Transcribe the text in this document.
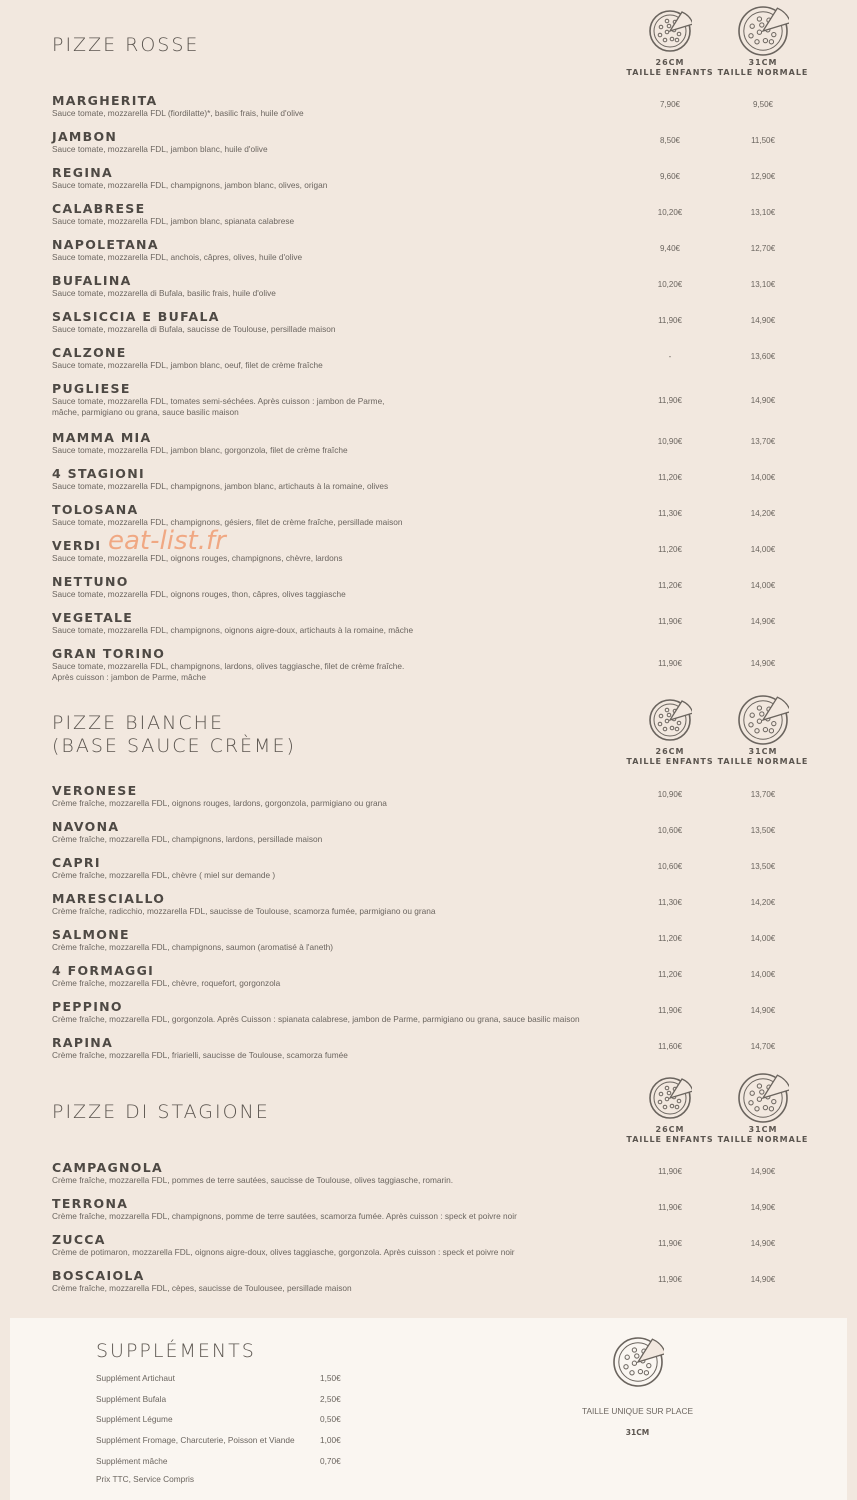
PIZZE ROSSE
26CM
TAILLE ENFANTS
31CM
TAILLE NORMALE
MARGHERITA
Sauce tomate, mozzarella FDL (fiordilatte)*, basilic frais, huile d'olive
7,90€	9,50€
JAMBON
Sauce tomate, mozzarella FDL, jambon blanc, huile d'olive
8,50€	11,50€
REGINA
Sauce tomate, mozzarella FDL, champignons, jambon blanc, olives, origan
9,60€	12,90€
CALABRESE
Sauce tomate, mozzarella FDL, jambon blanc, spianata calabrese
10,20€	13,10€
NAPOLETANA
Sauce tomate, mozzarella FDL, anchois, câpres, olives, huile d'olive
9,40€	12,70€
BUFALINA
Sauce tomate, mozzarella di Bufala, basilic frais, huile d'olive
10,20€	13,10€
SALSICCIA E BUFALA
Sauce tomate, mozzarella di Bufala, saucisse de Toulouse, persillade maison
11,90€	14,90€
CALZONE
Sauce tomate, mozzarella FDL, jambon blanc, oeuf, filet de crème fraîche
-	13,60€
PUGLIESE
Sauce tomate, mozzarella FDL, tomates semi-séchées. Après cuisson : jambon de Parme,
mâche, parmigiano ou grana, sauce basilic maison
11,90€	14,90€
MAMMA MIA
Sauce tomate, mozzarella FDL, jambon blanc, gorgonzola, filet de crème fraîche
10,90€	13,70€
4 STAGIONI
Sauce tomate, mozzarella FDL, champignons, jambon blanc, artichauts à la romaine, olives
11,20€	14,00€
TOLOSANA
Sauce tomate, mozzarella FDL, champignons, gésiers, filet de crème fraîche, persillade maison
11,30€	14,20€
VERDI
Sauce tomate, mozzarella FDL, oignons rouges, champignons, chèvre, lardons
11,20€	14,00€
NETTUNO
Sauce tomate, mozzarella FDL, oignons rouges, thon, câpres, olives taggiasche
11,20€	14,00€
VEGETALE
Sauce tomate, mozzarella FDL, champignons, oignons aigre-doux, artichauts à la romaine, mâche
11,90€	14,90€
GRAN TORINO
Sauce tomate, mozzarella FDL, champignons, lardons, olives taggiasche, filet de crème fraîche.
Après cuisson : jambon de Parme, mâche
11,90€	14,90€
PIZZE BIANCHE
(BASE SAUCE CRÈME)	26CM
TAILLE ENFANTS
31CM
TAILLE NORMALE
VERONESE
Crème fraîche, mozzarella FDL, oignons rouges, lardons, gorgonzola, parmigiano ou grana
10,90€	13,70€
NAVONA
Crème fraîche, mozzarella FDL, champignons, lardons, persillade maison
10,60€	13,50€
CAPRI
Crème fraîche, mozzarella FDL, chèvre ( miel sur demande )
10,60€	13,50€
MARESCIALLO
Crème fraîche, radicchio, mozzarella FDL, saucisse de Toulouse, scamorza fumée, parmigiano ou grana
11,30€	14,20€
SALMONE
Crème fraîche, mozzarella FDL, champignons, saumon (aromatisé à l'aneth)
11,20€	14,00€
4 FORMAGGI
Crème fraîche, mozzarella FDL, chèvre, roquefort, gorgonzola
11,20€	14,00€
PEPPINO
Crème fraîche, mozzarella FDL, gorgonzola. Après Cuisson : spianata calabrese, jambon de Parme, parmigiano ou grana, sauce basilic maison
11,90€	14,90€
RAPINA
Crème fraîche, mozzarella FDL, friarielli, saucisse de Toulouse, scamorza fumée
11,60€	14,70€
PIZZE DI STAGIONE
26CM
TAILLE ENFANTS
31CM
TAILLE NORMALE
CAMPAGNOLA
Crème fraîche, mozzarella FDL, pommes de terre sautées, saucisse de Toulouse, olives taggiasche, romarin.
11,90€	14,90€
TERRONA
Crème fraîche, mozzarella FDL, champignons, pomme de terre sautées, scamorza fumée. Après cuisson : speck et poivre noir
11,90€	14,90€
ZUCCA
Crème de potimaron, mozzarella FDL, oignons aigre-doux, olives taggiasche, gorgonzola. Après cuisson : speck et poivre noir
11,90€	14,90€
BOSCAIOLA
Crème fraîche, mozzarella FDL, cèpes, saucisse de Toulousee, persillade maison
11,90€	14,90€
SUPPLÉMENTS
Supplément Artichaut	1,50€
Supplément Bufala	2,50€
Supplément Légume	0,50€
Supplément Fromage, Charcuterie, Poisson et Viande	1,00€
Supplément mâche	0,70€
Prix TTC, Service Compris
TAILLE UNIQUE SUR PLACE
31CM
eat-list.fr
